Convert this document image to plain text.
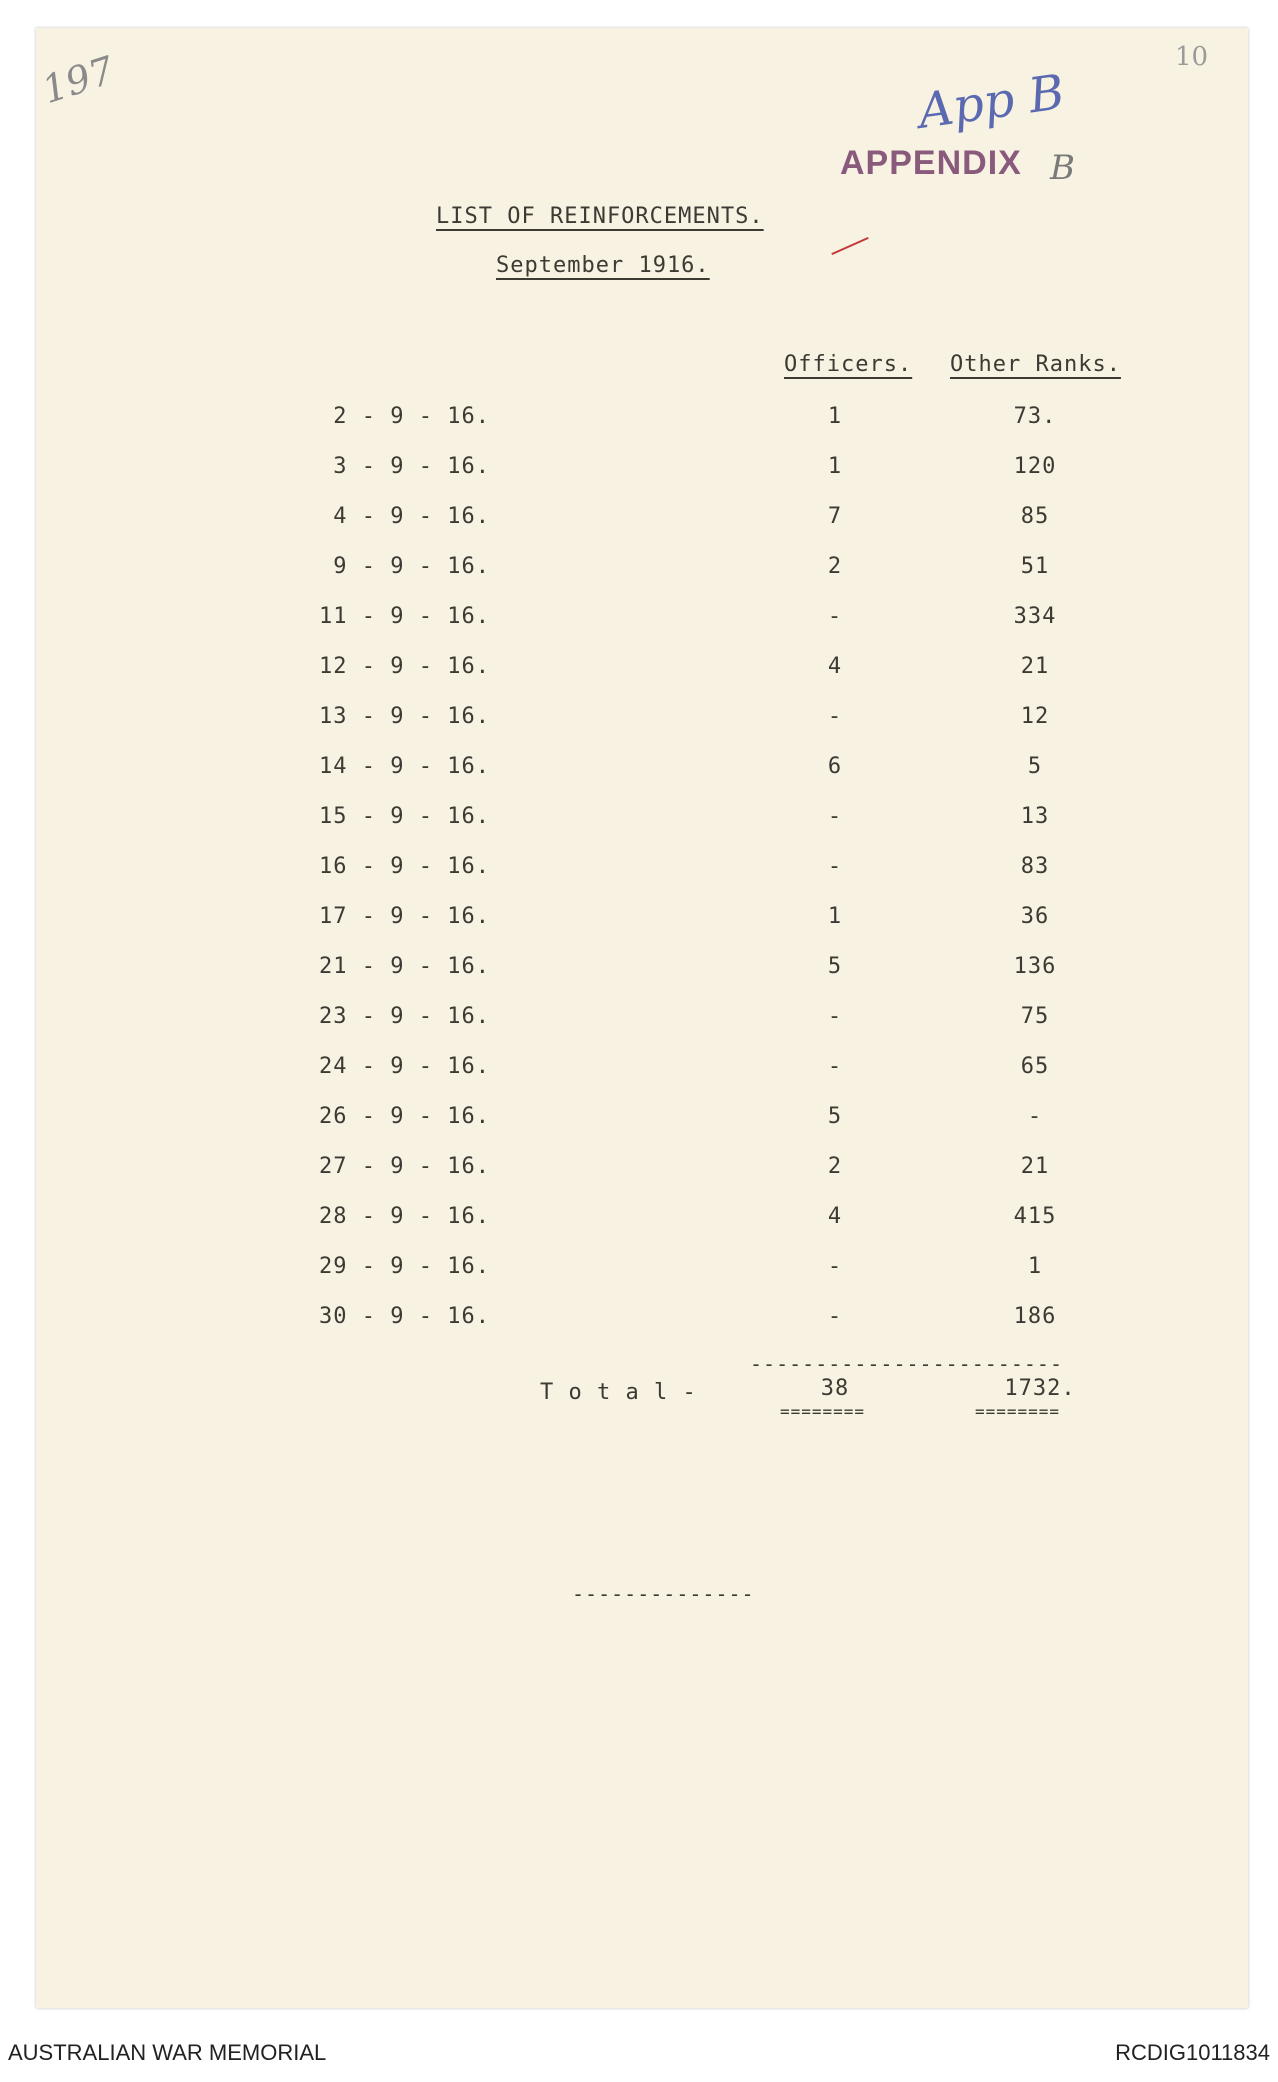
197	10
App B
APPENDIX B
LIST OF REINFORCEMENTS.
September 1916.
Officers. Other Ranks.
2 - 9 - 16.	1	73.
3 - 9 - 16.	1	120
4 - 9 - 16.	7	85
9 - 9 - 16.	2	51
11 - 9 - 16.	-	334
12 - 9 - 16.	4	21
13 - 9 - 16.	-	12
14 - 9 - 16.	6	5
15 - 9 - 16.	-	13
16 - 9 - 16.	-	83
17 - 9 - 16.	1	36
21 - 9 - 16.	5	136
23 - 9 - 16.	-	75
24 - 9 - 16.	-	65
26 - 9 - 16.	5	-
27 - 9 - 16.	2	21
28 - 9 - 16.	4	415
29 - 9 - 16.	-	1
30 - 9 - 16.	-	186
------------------------
T o t a l -	38	1732.
========	========
--------------
AUSTRALIAN WAR MEMORIAL	RCDIG1011834
